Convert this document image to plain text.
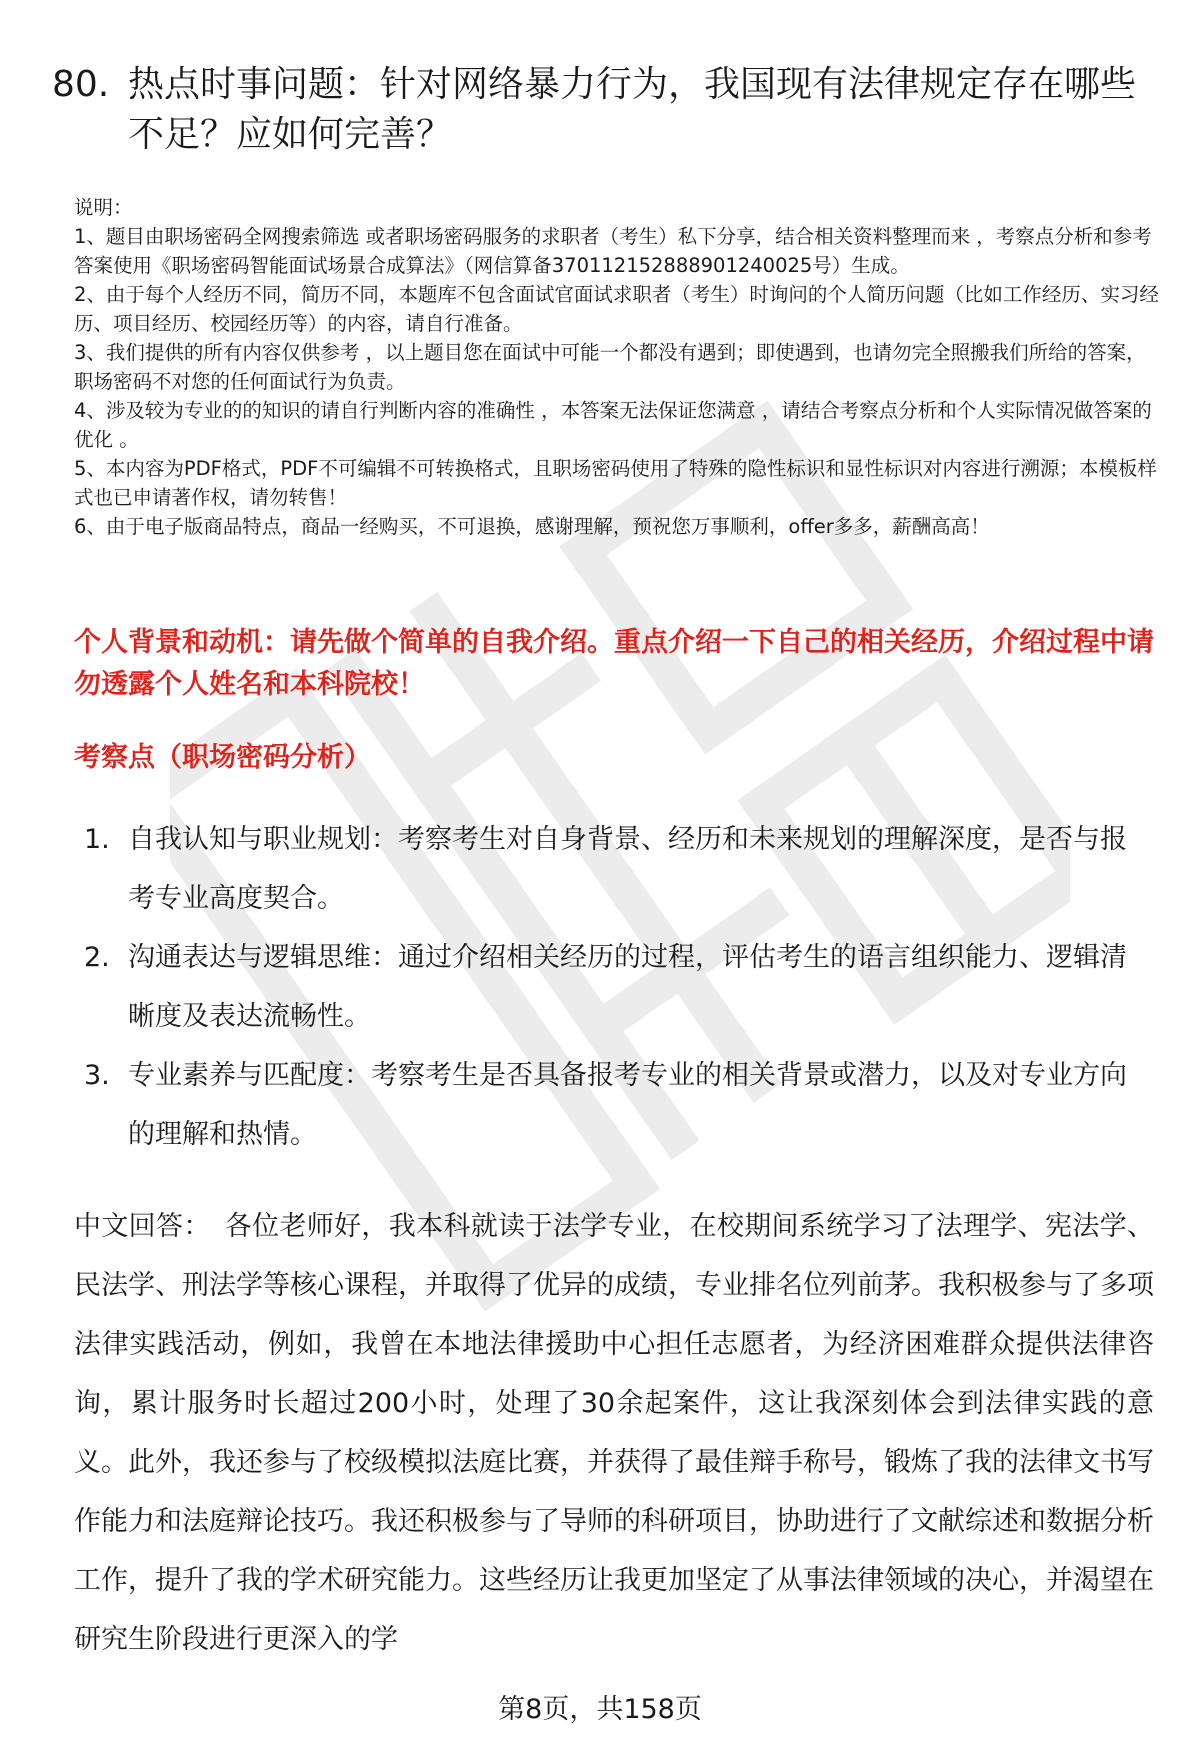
80. 热点时事问题：针对网络暴力行为，我国现有法律规定存在哪些不足？应如何完善？

说明：

1、题目由职场密码全网搜索筛选 或者职场密码服务的求职者（考生）私下分享，结合相关资料整理而来 ，考察点分析和参考答案使用《职场密码智能面试场景合成算法》（网信算备370112152888901240025号）生成。

2、由于每个人经历不同，简历不同，本题库不包含面试官面试求职者（考生）时询问的个人简历问题（比如工作经历、实习经历、项目经历、校园经历等）的内容，请自行准备。

3、我们提供的所有内容仅供参考 ，以上题目您在面试中可能一个都没有遇到；即使遇到，也请勿完全照搬我们所给的答案，职场密码不对您的任何面试行为负责。

4、涉及较为专业的的知识的请自行判断内容的准确性 ，本答案无法保证您满意 ，请结合考察点分析和个人实际情况做答案的优化 。

5、本内容为PDF格式，PDF不可编辑不可转换格式，且职场密码使用了特殊的隐性标识和显性标识对内容进行溯源；本模板样式也已申请著作权，请勿转售！

6、由于电子版商品特点，商品一经购买，不可退换，感谢理解，预祝您万事顺利，offer多多，薪酬高高！

个人背景和动机：请先做个简单的自我介绍。重点介绍一下自己的相关经历，介绍过程中请勿透露个人姓名和本科院校！
考察点（职场密码分析）
1. 自我认知与职业规划：考察考生对自身背景、经历和未来规划的理解深度，是否与报考专业高度契合。
2. 沟通表达与逻辑思维：通过介绍相关经历的过程，评估考生的语言组织能力、逻辑清晰度及表达流畅性。
3. 专业素养与匹配度：考察考生是否具备报考专业的相关背景或潜力，以及对专业方向的理解和热情。
中文回答： 各位老师好，我本科就读于法学专业，在校期间系统学习了法理学、宪法学、民法学、刑法学等核心课程，并取得了优异的成绩，专业排名位列前茅。我积极参与了多项法律实践活动，例如，我曾在本地法律援助中心担任志愿者，为经济困难群众提供法律咨询，累计服务时长超过200小时，处理了30余起案件，这让我深刻体会到法律实践的意义。此外，我还参与了校级模拟法庭比赛，并获得了最佳辩手称号，锻炼了我的法律文书写作能力和法庭辩论技巧。我还积极参与了导师的科研项目，协助进行了文献综述和数据分析工作，提升了我的学术研究能力。这些经历让我更加坚定了从事法律领域的决心，并渴望在研究生阶段进行更深入的学
第8页，共158页
